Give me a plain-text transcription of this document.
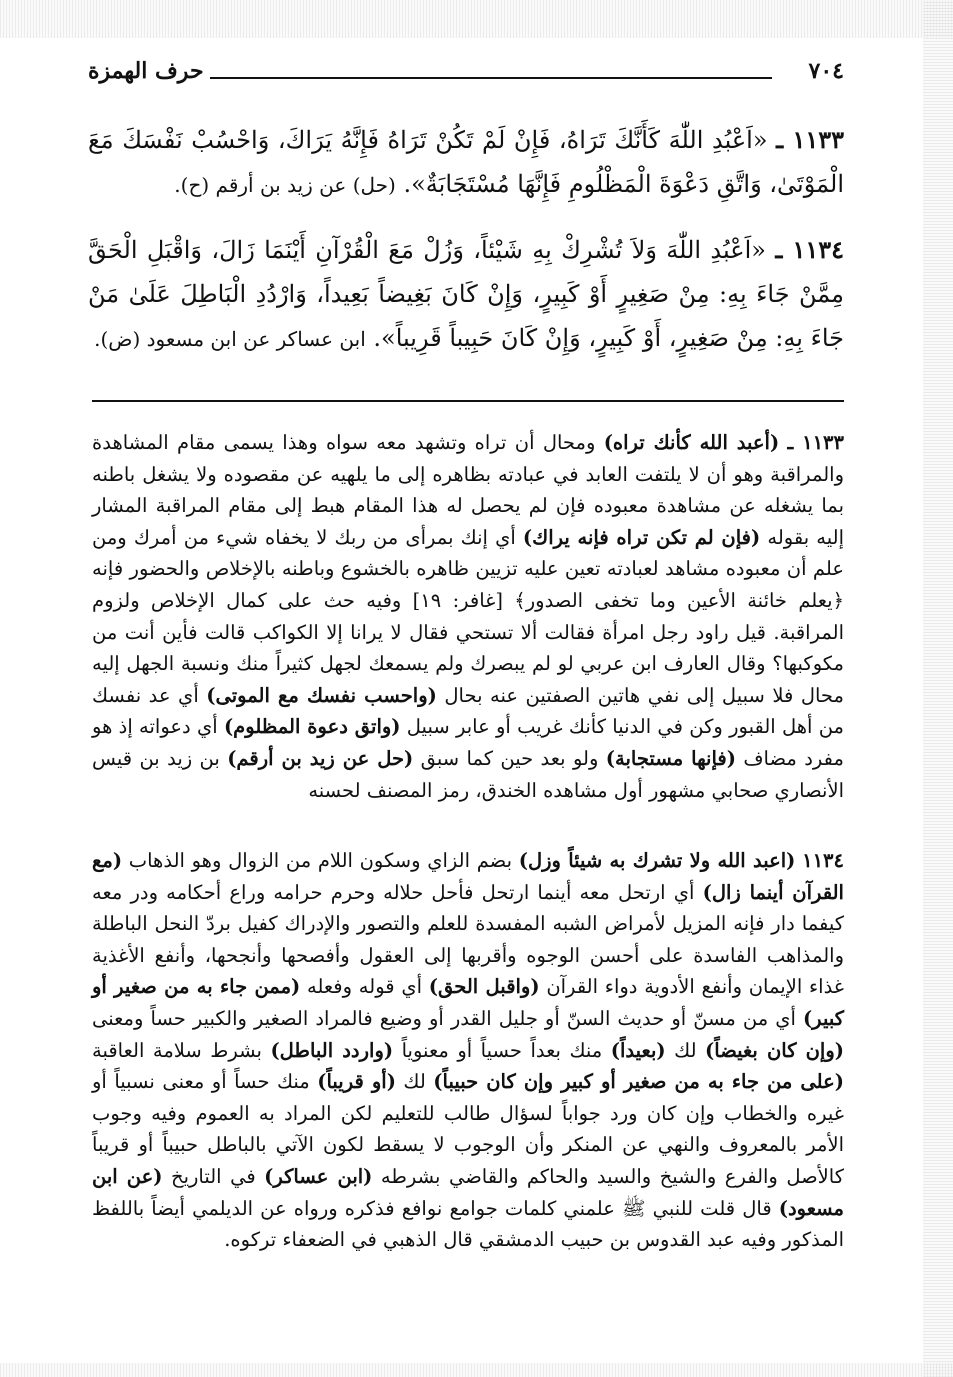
٧٠٤
حرف الهمزة
١١٣٣ ـ «اَعْبُدِ اللّٰهَ كَأَنَّكَ تَرَاهُ، فَإِنْ لَمْ تَكُنْ تَرَاهُ فَإِنَّهُ يَرَاكَ، وَاحْسُبْ نَفْسَكَ مَعَ الْمَوْتَىٰ، وَاتَّقِ دَعْوَةَ الْمَظْلُومِ فَإِنَّهَا مُسْتَجَابَةٌ». (حل) عن زيد بن أرقم (ح).
١١٣٤ ـ «اَعْبُدِ اللّٰهَ وَلاَ تُشْرِكْ بِهِ شَيْئاً، وَزُلْ مَعَ الْقُرْآنِ أَيْنَمَا زَالَ، وَاقْبَلِ الْحَقَّ مِمَّنْ جَاءَ بِهِ: مِنْ صَغِيرٍ أَوْ كَبِيرٍ، وَإِنْ كَانَ بَغِيضاً بَعِيداً، وَارْدُدِ الْبَاطِلَ عَلَىٰ مَنْ جَاءَ بِهِ: مِنْ صَغِيرٍ، أَوْ كَبِيرٍ، وَإِنْ كَانَ حَبِيباً قَرِيباً». ابن عساكر عن ابن مسعود (ض).
١١٣٣ ـ (أعبد الله كأنك تراه) ومحال أن تراه وتشهد معه سواه وهذا يسمى مقام المشاهدة والمراقبة وهو أن لا يلتفت العابد في عبادته بظاهره إلى ما يلهيه عن مقصوده ولا يشغل باطنه بما يشغله عن مشاهدة معبوده فإن لم يحصل له هذا المقام هبط إلى مقام المراقبة المشار إليه بقوله (فإن لم تكن تراه فإنه يراك) أي إنك بمرأى من ربك لا يخفاه شيء من أمرك ومن علم أن معبوده مشاهد لعبادته تعين عليه تزيين ظاهره بالخشوع وباطنه بالإخلاص والحضور فإنه ﴿يعلم خائنة الأعين وما تخفى الصدور﴾ [غافر: ١٩] وفيه حث على كمال الإخلاص ولزوم المراقبة. قيل راود رجل امرأة فقالت ألا تستحي فقال لا يرانا إلا الكواكب قالت فأين أنت من مكوكبها؟ وقال العارف ابن عربي لو لم يبصرك ولم يسمعك لجهل كثيراً منك ونسبة الجهل إليه محال فلا سبيل إلى نفي هاتين الصفتين عنه بحال (واحسب نفسك مع الموتى) أي عد نفسك من أهل القبور وكن في الدنيا كأنك غريب أو عابر سبيل (واتق دعوة المظلوم) أي دعواته إذ هو مفرد مضاف (فإنها مستجابة) ولو بعد حين كما سبق (حل عن زيد بن أرقم) بن زيد بن قيس الأنصاري صحابي مشهور أول مشاهده الخندق، رمز المصنف لحسنه
١١٣٤ (اعبد الله ولا تشرك به شيئاً وزل) بضم الزاي وسكون اللام من الزوال وهو الذهاب (مع القرآن أينما زال) أي ارتحل معه أينما ارتحل فأحل حلاله وحرم حرامه وراع أحكامه ودر معه كيفما دار فإنه المزيل لأمراض الشبه المفسدة للعلم والتصور والإدراك كفيل بردّ النحل الباطلة والمذاهب الفاسدة على أحسن الوجوه وأقربها إلى العقول وأفصحها وأنجحها، وأنفع الأغذية غذاء الإيمان وأنفع الأدوية دواء القرآن (واقبل الحق) أي قوله وفعله (ممن جاء به من صغير أو كبير) أي من مسنّ أو حديث السنّ أو جليل القدر أو وضيع فالمراد الصغير والكبير حساً ومعنى (وإن كان بغيضاً) لك (بعيداً) منك بعداً حسياً أو معنوياً (واردد الباطل) بشرط سلامة العاقبة (على من جاء به من صغير أو كبير وإن كان حبيباً) لك (أو قريباً) منك حساً أو معنى نسبياً أو غيره والخطاب وإن كان ورد جواباً لسؤال طالب للتعليم لكن المراد به العموم وفيه وجوب الأمر بالمعروف والنهي عن المنكر وأن الوجوب لا يسقط لكون الآتي بالباطل حبيباً أو قريباً كالأصل والفرع والشيخ والسيد والحاكم والقاضي بشرطه (ابن عساكر) في التاريخ (عن ابن مسعود) قال قلت للنبي ﷺ علمني كلمات جوامع نوافع فذكره ورواه عن الديلمي أيضاً باللفظ المذكور وفيه عبد القدوس بن حبيب الدمشقي قال الذهبي في الضعفاء تركوه.
